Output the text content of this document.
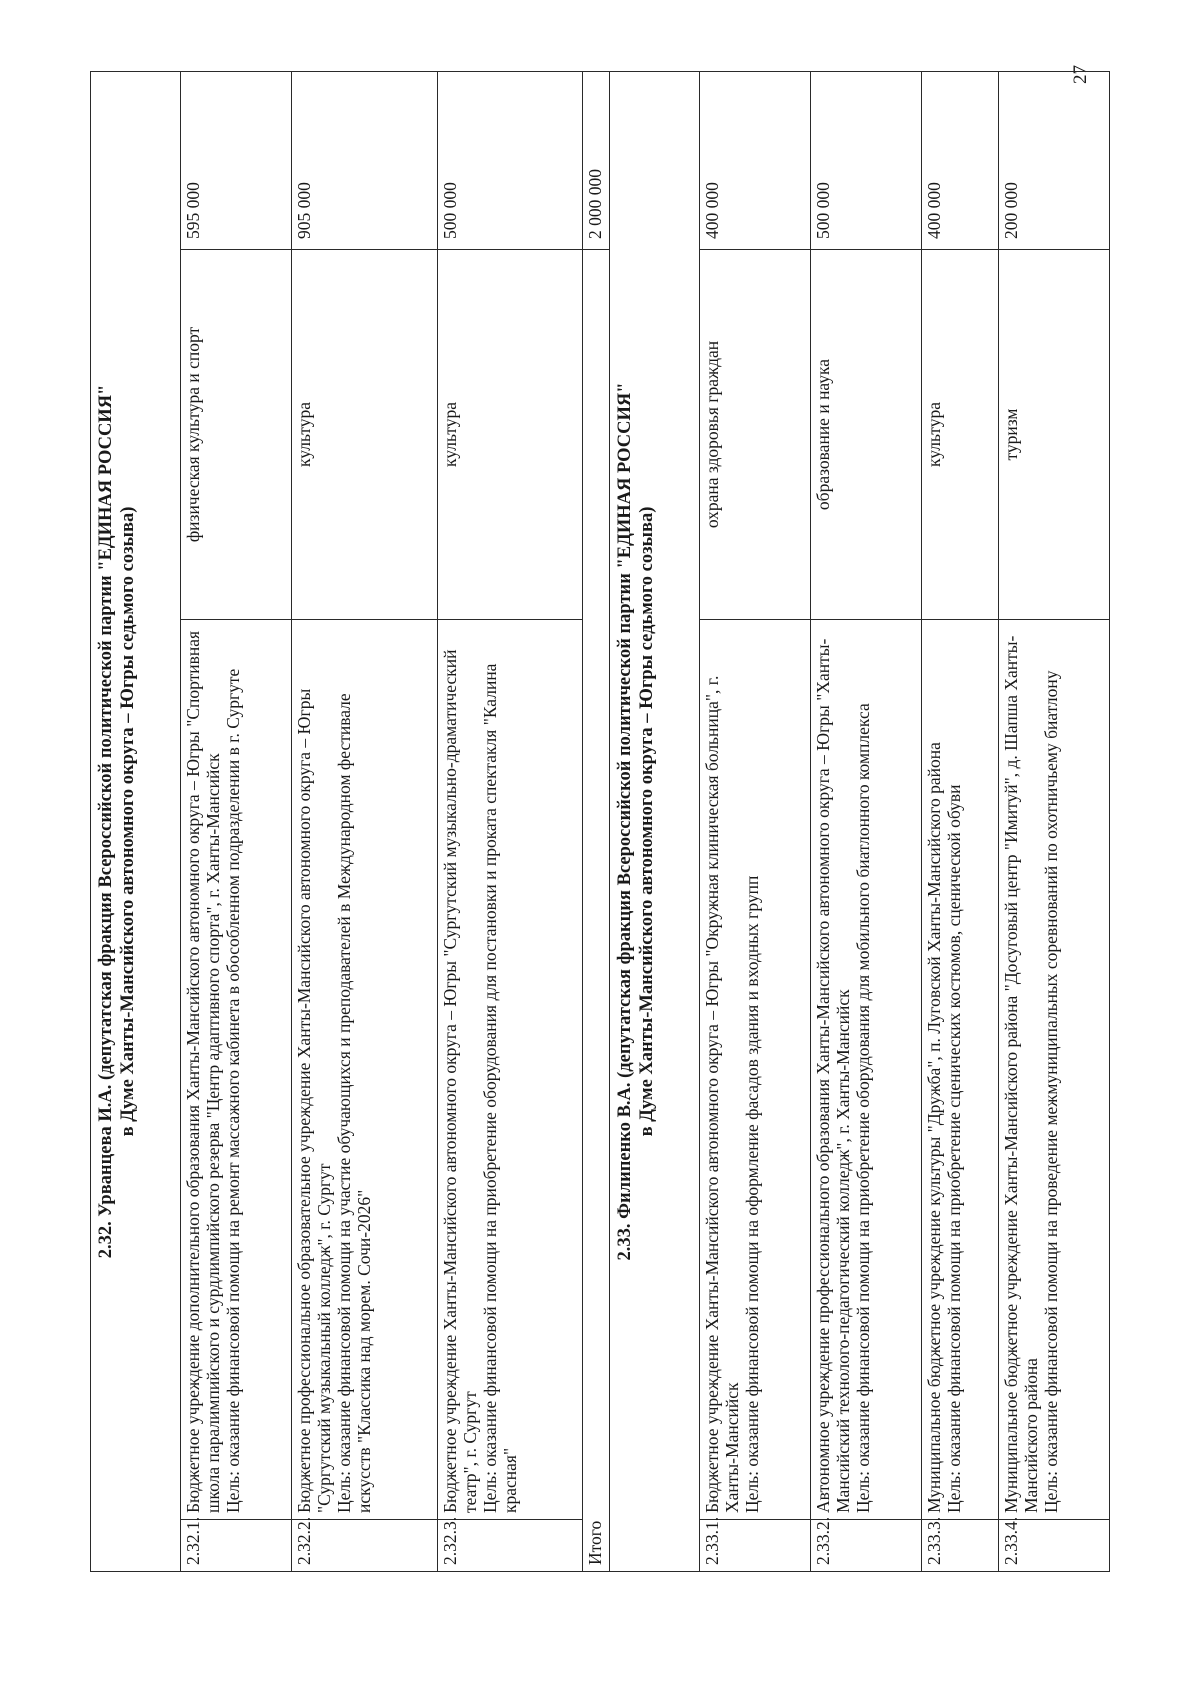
27
2.32. Урванцева И.А. (депутатская фракция Всероссийской политической партии "ЕДИНАЯ РОССИЯ" в Думе Ханты-Мансийского автономного округа – Югры седьмого созыва)			

2.32.1.	Бюджетное учреждение дополнительного образования Ханты-Мансийского автономного округа – Югры "Спортивная школа паралимпийского и сурдлимпийского резерва "Центр адаптивного спорта", г. Ханты-Мансийск Цель: оказание финансовой помощи на ремонт массажного кабинета в обособленном подразделении в г. Сургуте	физическая культура и спорт	595 000
2.32.2.	Бюджетное профессиональное образовательное учреждение Ханты-Мансийского автономного округа – Югры "Сургутский музыкальный колледж", г. Сургут Цель: оказание финансовой помощи на участие обучающихся и преподавателей в Международном фестивале искусств "Классика над морем. Сочи-2026"	культура	905 000
2.32.3.	Бюджетное учреждение Ханты-Мансийского автономного округа – Югры "Сургутский музыкально-драматический театр", г. Сургут Цель: оказание финансовой помощи на приобретение оборудования для постановки и проката спектакля "Калина красная"	культура	500 000
Итого			2 000 000

2.33. Филипенко В.А. (депутатская фракция Всероссийской политической партии "ЕДИНАЯ РОССИЯ" в Думе Ханты-Мансийского автономного округа – Югры седьмого созыва)			

2.33.1.	Бюджетное учреждение Ханты-Мансийского автономного округа – Югры "Окружная клиническая больница", г. Ханты-Мансийск Цель: оказание финансовой помощи на оформление фасадов здания и входных групп	охрана здоровья граждан	400 000
2.33.2.	Автономное учреждение профессионального образования Ханты-Мансийского автономного округа – Югры "Ханты-Мансийский технолого-педагогический колледж", г. Ханты-Мансийск Цель: оказание финансовой помощи на приобретение оборудования для мобильного биатлонного комплекса	образование и наука	500 000
2.33.3.	Муниципальное бюджетное учреждение культуры "Дружба", п. Луговской Ханты-Мансийского района Цель: оказание финансовой помощи на приобретение сценических костюмов, сценической обуви	культура	400 000
2.33.4.	Муниципальное бюджетное учреждение Ханты-Мансийского района "Досуговый центр "Имитуй", д. Шапша Ханты-Мансийского района Цель: оказание финансовой помощи на проведение межмуниципальных соревнований по охотничьему биатлону	туризм	200 000
